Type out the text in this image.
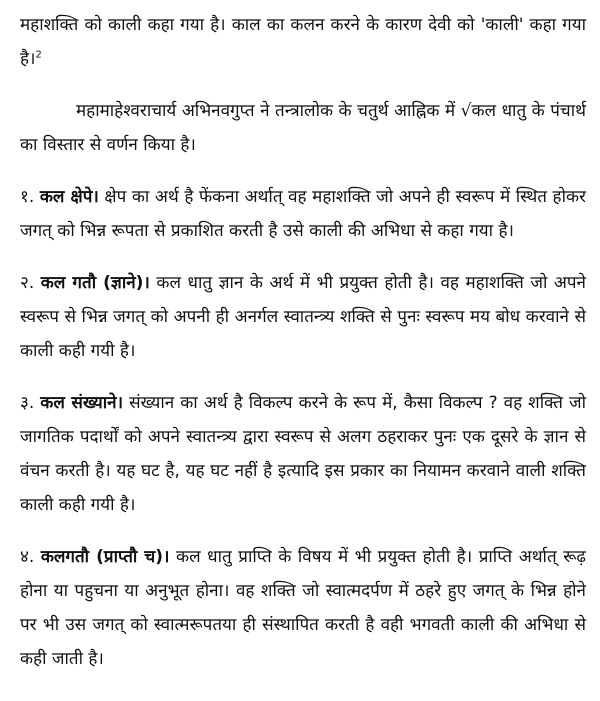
महाशक्ति को काली कहा गया है। काल का कलन करने के कारण देवी को 'काली' कहा गया है।$^2$

महामाहेश्वराचार्य अभिनवगुप्त ने तन्त्रालोक के चतुर्थ आह्निक में √कल धातु के पंचार्थ का विस्तार से वर्णन किया है।

१. कल क्षेपे। क्षेप का अर्थ है फेंकना अर्थात् वह महाशक्ति जो अपने ही स्वरूप में स्थित होकर जगत् को भिन्न रूपता से प्रकाशित करती है उसे काली की अभिधा से कहा गया है।

२. कल गतौ (ज्ञाने)। कल धातु ज्ञान के अर्थ में भी प्रयुक्त होती है। वह महाशक्ति जो अपने स्वरूप से भिन्न जगत् को अपनी ही अनर्गल स्वातन्त्र्य शक्ति से पुनः स्वरूप मय बोध करवाने से काली कही गयी है।

३. कल संख्याने। संख्यान का अर्थ है विकल्प करने के रूप में, कैसा विकल्प ? वह शक्ति जो जागतिक पदार्थों को अपने स्वातन्त्र्य द्वारा स्वरूप से अलग ठहराकर पुनः एक दूसरे के ज्ञान से वंचन करती है। यह घट है, यह घट नहीं है इत्यादि इस प्रकार का नियामन करवाने वाली शक्ति काली कही गयी है।

४. कलगतौ (प्राप्तौ च)। कल धातु प्राप्ति के विषय में भी प्रयुक्त होती है। प्राप्ति अर्थात् रूढ़ होना या पहुचना या अनुभूत होना। वह शक्ति जो स्वात्मदर्पण में ठहरे हुए जगत् के भिन्न होने पर भी उस जगत् को स्वात्मरूपतया ही संस्थापित करती है वही भगवती काली की अभिधा से कही जाती है।
